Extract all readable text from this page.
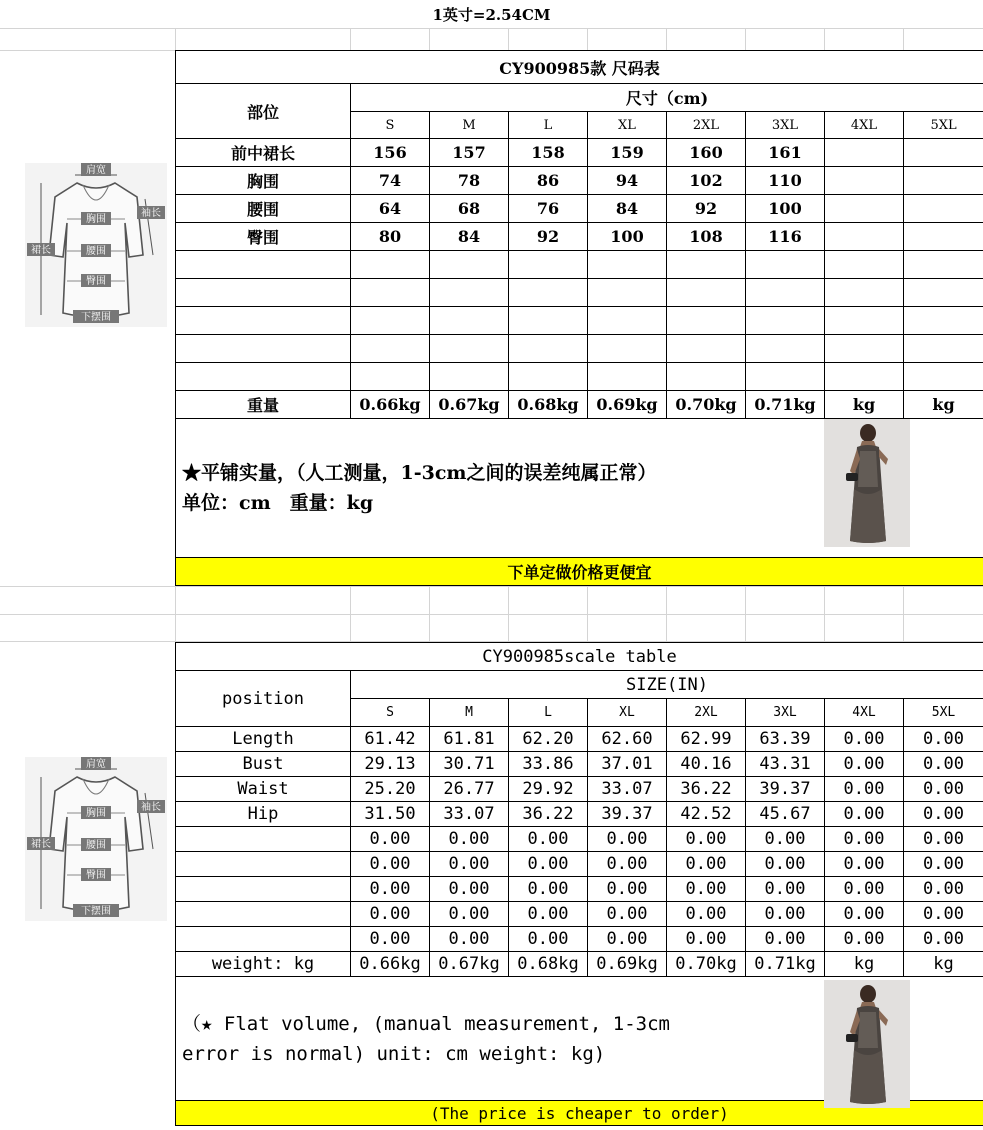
1英寸=2.54CM
CY900985款 尺码表								
部位	尺寸（cm)							
	S	M	L	XL	2XL	3XL	4XL	5XL
前中裙长	156	157	158	159	160	161		
胸围	74	78	86	94	102	110		
腰围	64	68	76	84	92	100		
臀围	80	84	92	100	108	116		

重量	0.66kg	0.67kg	0.68kg	0.69kg	0.70kg	0.71kg	kg	kg

★平铺实量，（人工测量，1-3cm之间的误差纯属正常）
单位：cm　重量：kg								

下单定做价格更便宜								
CY900985scale table								
position	SIZE(IN)							
	S	M	L	XL	2XL	3XL	4XL	5XL
Length	61.42	61.81	62.20	62.60	62.99	63.39	0.00	0.00
Bust	29.13	30.71	33.86	37.01	40.16	43.31	0.00	0.00
Waist	25.20	26.77	29.92	33.07	36.22	39.37	0.00	0.00
Hip	31.50	33.07	36.22	39.37	42.52	45.67	0.00	0.00
	0.00	0.00	0.00	0.00	0.00	0.00	0.00	0.00
	0.00	0.00	0.00	0.00	0.00	0.00	0.00	0.00
	0.00	0.00	0.00	0.00	0.00	0.00	0.00	0.00
	0.00	0.00	0.00	0.00	0.00	0.00	0.00	0.00
	0.00	0.00	0.00	0.00	0.00	0.00	0.00	0.00
weight: kg	0.66kg	0.67kg	0.68kg	0.69kg	0.70kg	0.71kg	kg	kg

（★ Flat volume, (manual measurement, 1-3cm
error is normal) unit: cm weight: kg)								

(The price is cheaper to order)								
肩宽
胸围
袖长
腰围
裙长
臀围
下摆围
肩宽
胸围
袖长
腰围
裙长
臀围
下摆围
